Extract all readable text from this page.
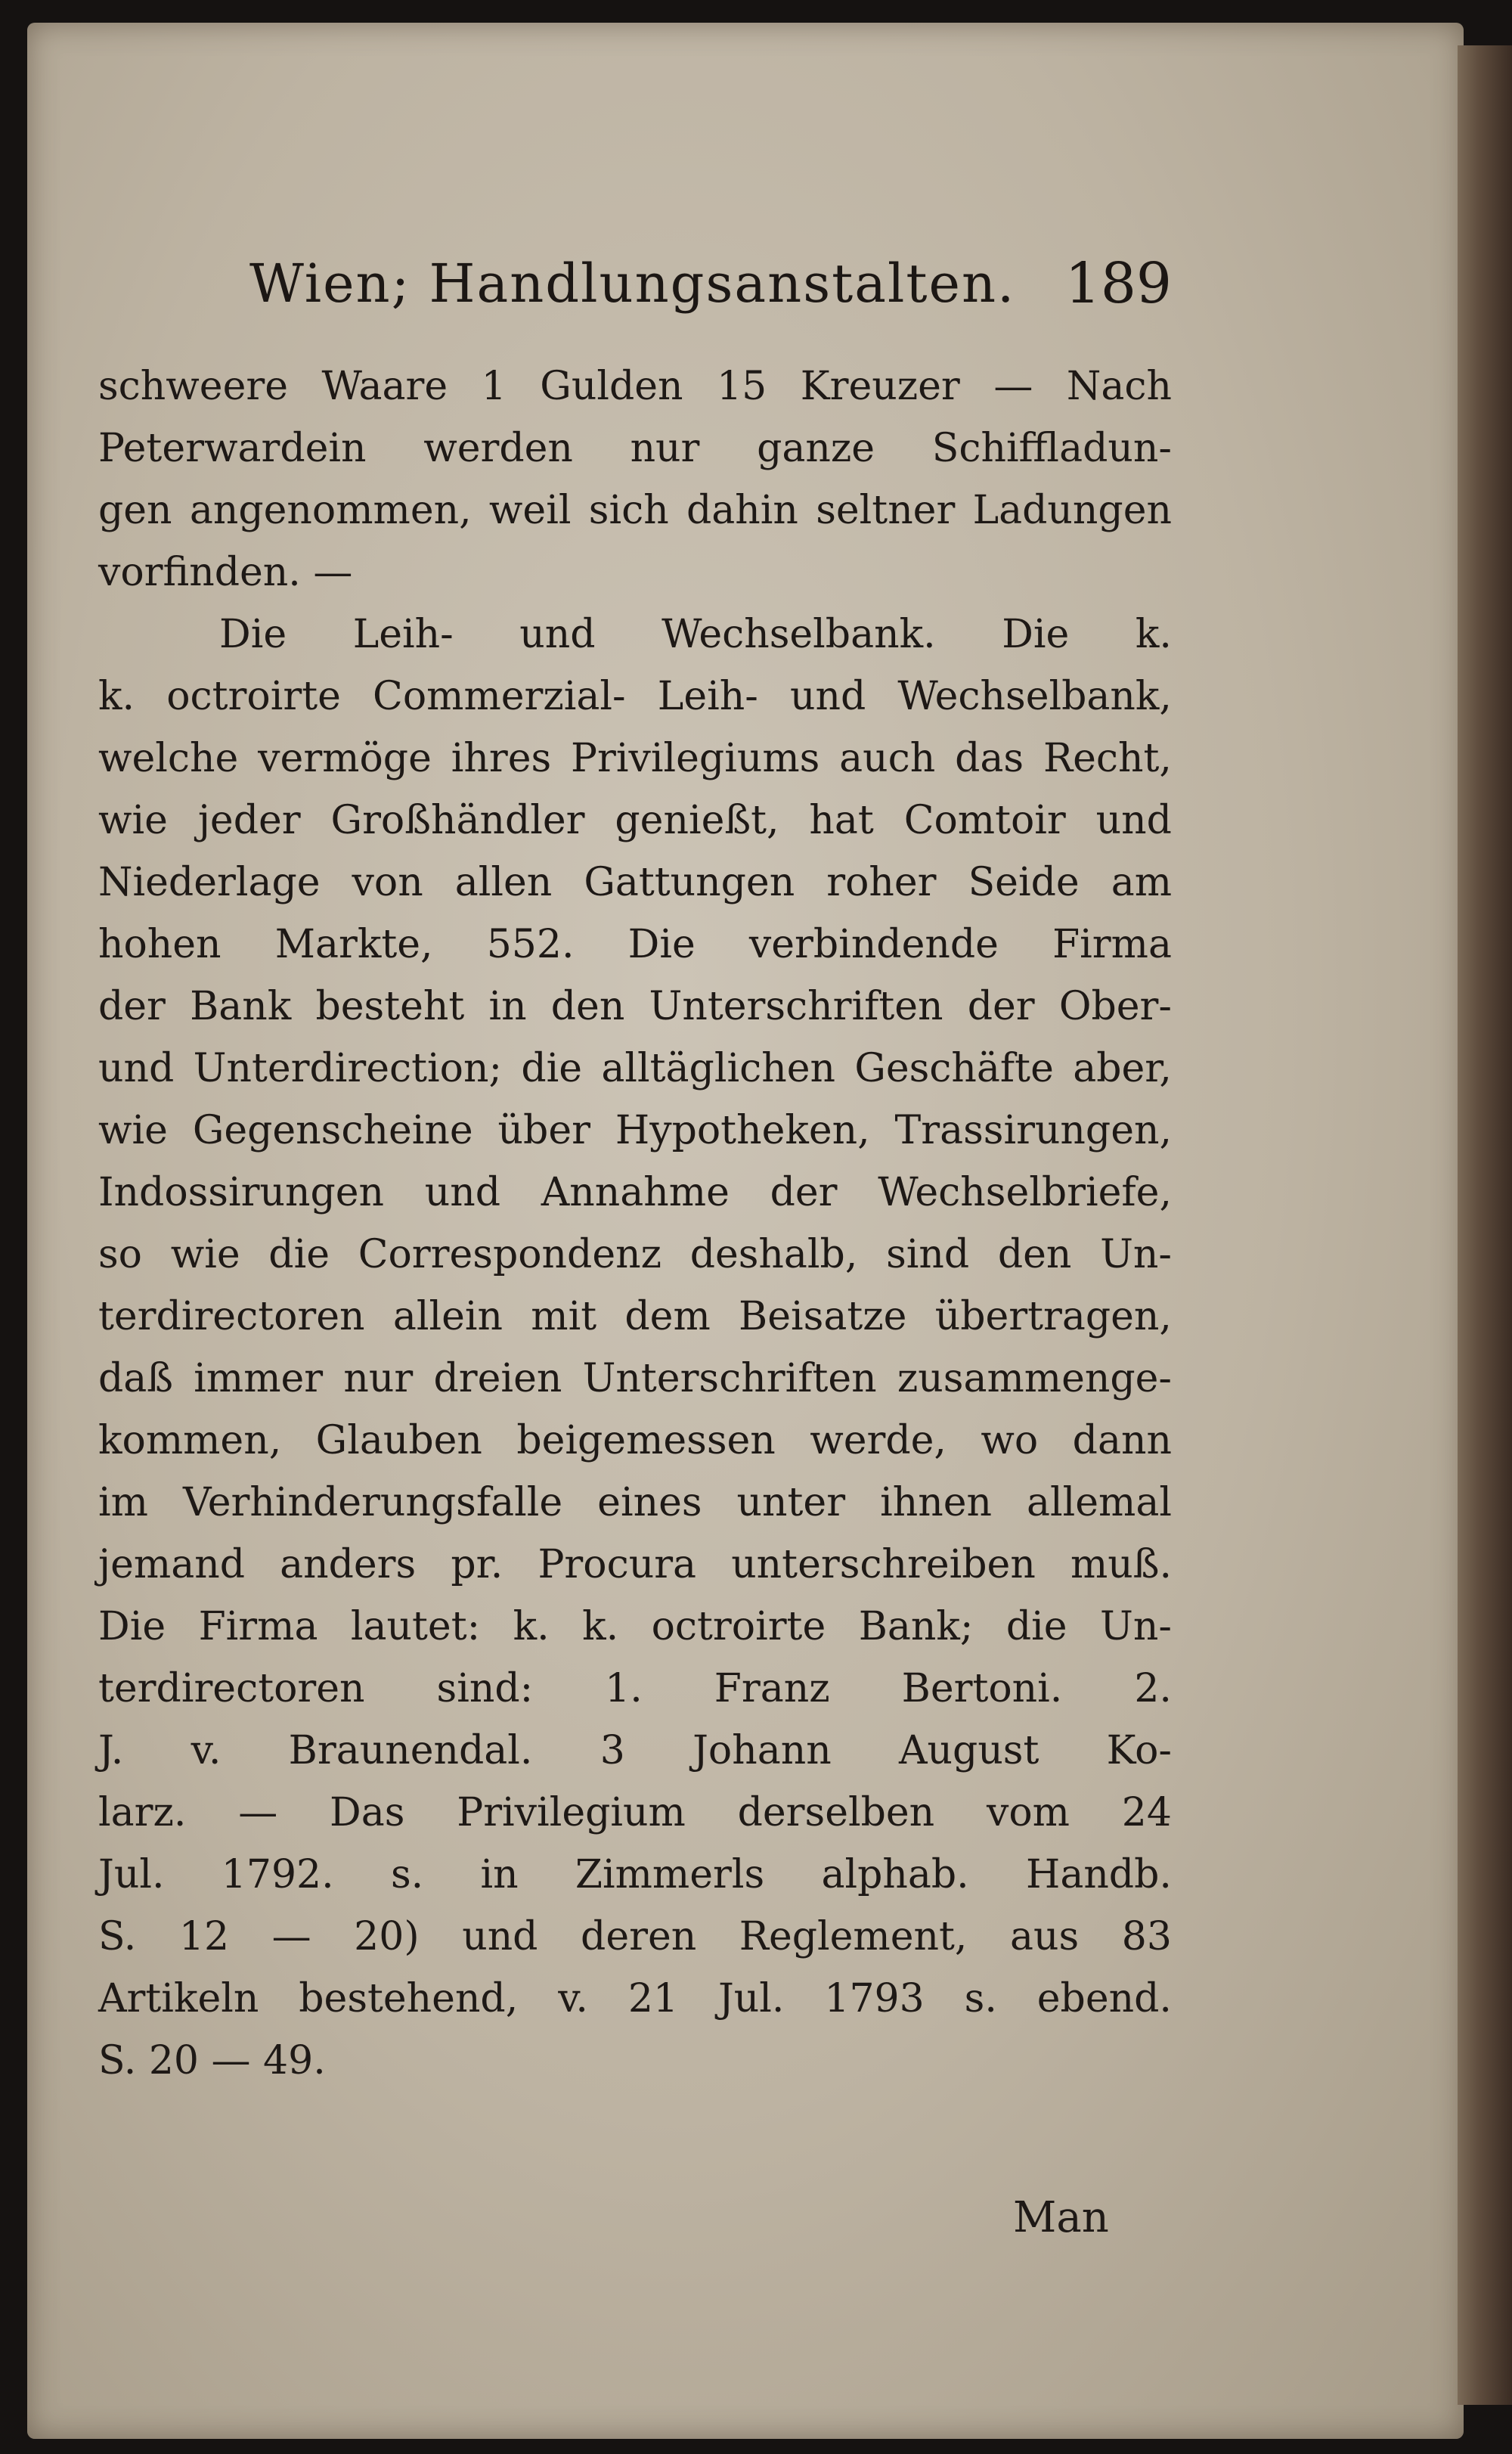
Wien; Handlungsanstalten. 189
schweere Waare 1 Gulden 15 Kreuzer — Nach
Peterwardein werden nur ganze Schiffladun-
gen angenommen, weil sich dahin seltner Ladungen
vorfinden. —
Die Leih- und Wechselbank. Die k.
k. octroirte Commerzial- Leih- und Wechselbank,
welche vermöge ihres Privilegiums auch das Recht,
wie jeder Großhändler genießt, hat Comtoir und
Niederlage von allen Gattungen roher Seide am
hohen Markte, 552. Die verbindende Firma
der Bank besteht in den Unterschriften der Ober-
und Unterdirection; die alltäglichen Geschäfte aber,
wie Gegenscheine über Hypotheken, Trassirungen,
Indossirungen und Annahme der Wechselbriefe,
so wie die Correspondenz deshalb, sind den Un-
terdirectoren allein mit dem Beisatze übertragen,
daß immer nur dreien Unterschriften zusammenge-
kommen, Glauben beigemessen werde, wo dann
im Verhinderungsfalle eines unter ihnen allemal
jemand anders pr. Procura unterschreiben muß.
Die Firma lautet: k. k. octroirte Bank; die Un-
terdirectoren sind: 1. Franz Bertoni. 2.
J. v. Braunendal. 3 Johann August Ko-
larz. — Das Privilegium derselben vom 24
Jul. 1792. s. in Zimmerls alphab. Handb.
S. 12 — 20) und deren Reglement, aus 83
Artikeln bestehend, v. 21 Jul. 1793 s. ebend.
S. 20 — 49.
Man
